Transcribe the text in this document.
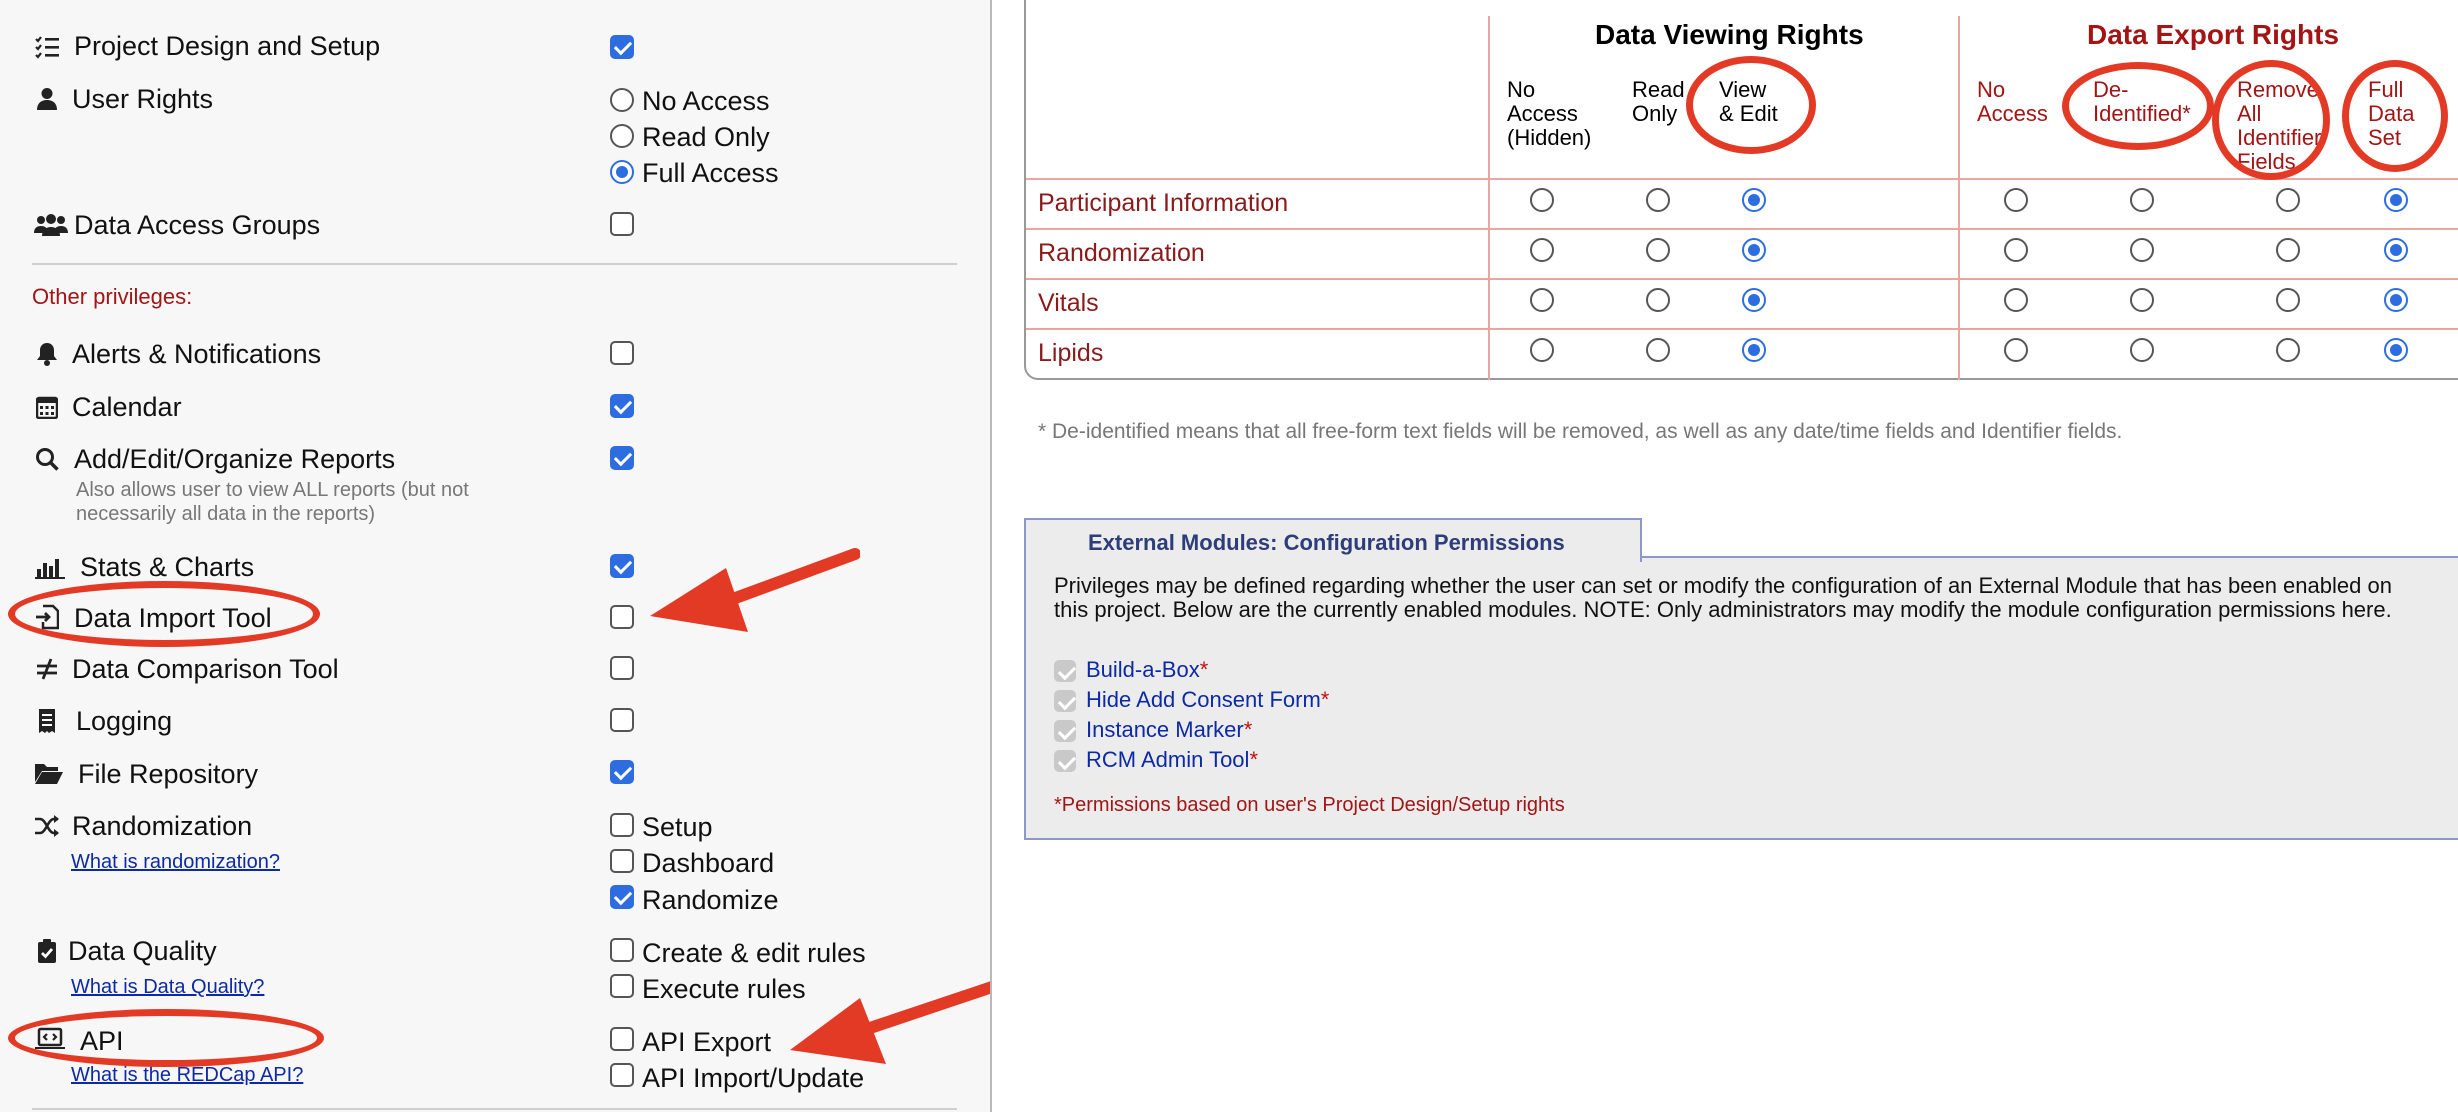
Project Design and Setup
User Rights	No Access
Read Only
Full Access
Data Access Groups
Other privileges:
Alerts & Notifications
Calendar
Add/Edit/Organize Reports
Also allows user to view ALL reports (but not necessarily all data in the reports)
Stats & Charts
Data Import Tool
Data Comparison Tool
Logging
File Repository
Randomization
What is randomization?
Setup
Dashboard
Randomize
Data Quality
What is Data Quality?
Create & edit rules
Execute rules
API
What is the REDCap API?
API Export
API Import/Update
Data Viewing Rights	Data Export Rights
No
Access
(Hidden)
Read
Only
View
& Edit
No
Access
De-
Identified*
Remove
All
Identifier
Fields
Full
Data
Set
Participant Information
Randomization
Vitals
Lipids
* De-identified means that all free-form text fields will be removed, as well as any date/time fields and Identifier fields.
External Modules: Configuration Permissions
Privileges may be defined regarding whether the user can set or modify the configuration of an External Module that has been enabled on this project. Below are the currently enabled modules. NOTE: Only administrators may modify the module configuration permissions here.
Build-a-Box*
Hide Add Consent Form*
Instance Marker*
RCM Admin Tool*
*Permissions based on user's Project Design/Setup rights
